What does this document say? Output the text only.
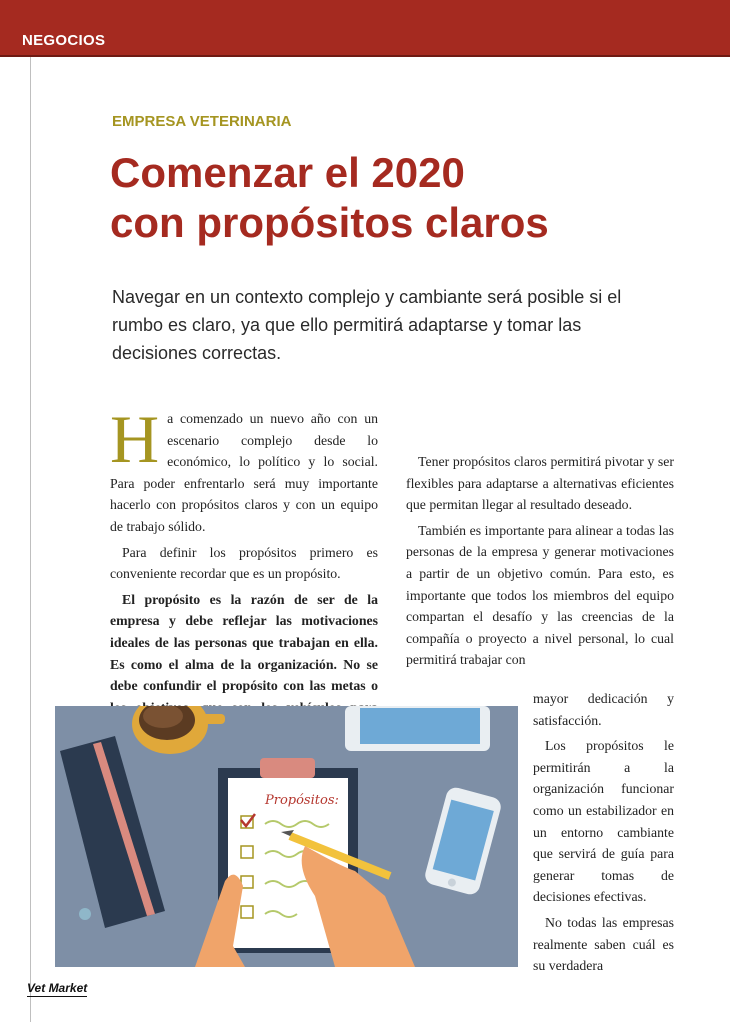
NEGOCIOS
EMPRESA VETERINARIA
Comenzar el 2020
con propósitos claros

Navegar en un contexto complejo y cambiante será posible si el rumbo es claro, ya que ello permitirá adaptarse y tomar las decisiones correctas.

H a comenzado un nuevo año con un escenario complejo desde lo económico, lo político y lo social. Para poder enfrentarlo será muy importante hacerlo con propósitos claros y con un equipo de trabajo sólido.

Para definir los propósitos primero es conveniente recordar que es un propósito.

El propósito es la razón de ser de la empresa y debe reflejar las motivaciones ideales de las personas que trabajan en ella. Es como el alma de la organización. No se debe confundir el propósito con las metas o

Tener propósitos claros permitirá pivotar y ser flexibles para adaptarse a alternativas eficientes que permitan llegar al resultado deseado.

También es importante para alinear a todas las personas de la empresa y generar motivaciones a partir de un objetivo común. Para esto, es importante que todos los miembros del equipo compartan el desafío y las creencias de la compañía o proyecto a nivel personal, lo cual permitirá trabajar con

mayor dedicación y satisfacción.

Los propósitos le permitirán a la organización funcionar como un estabilizador en un entorno cambiante que servirá de guía para generar tomas de decisiones efectivas.

No todas las empresas realmente saben cuál es su verdadera

Propósitos:
Vet Market
